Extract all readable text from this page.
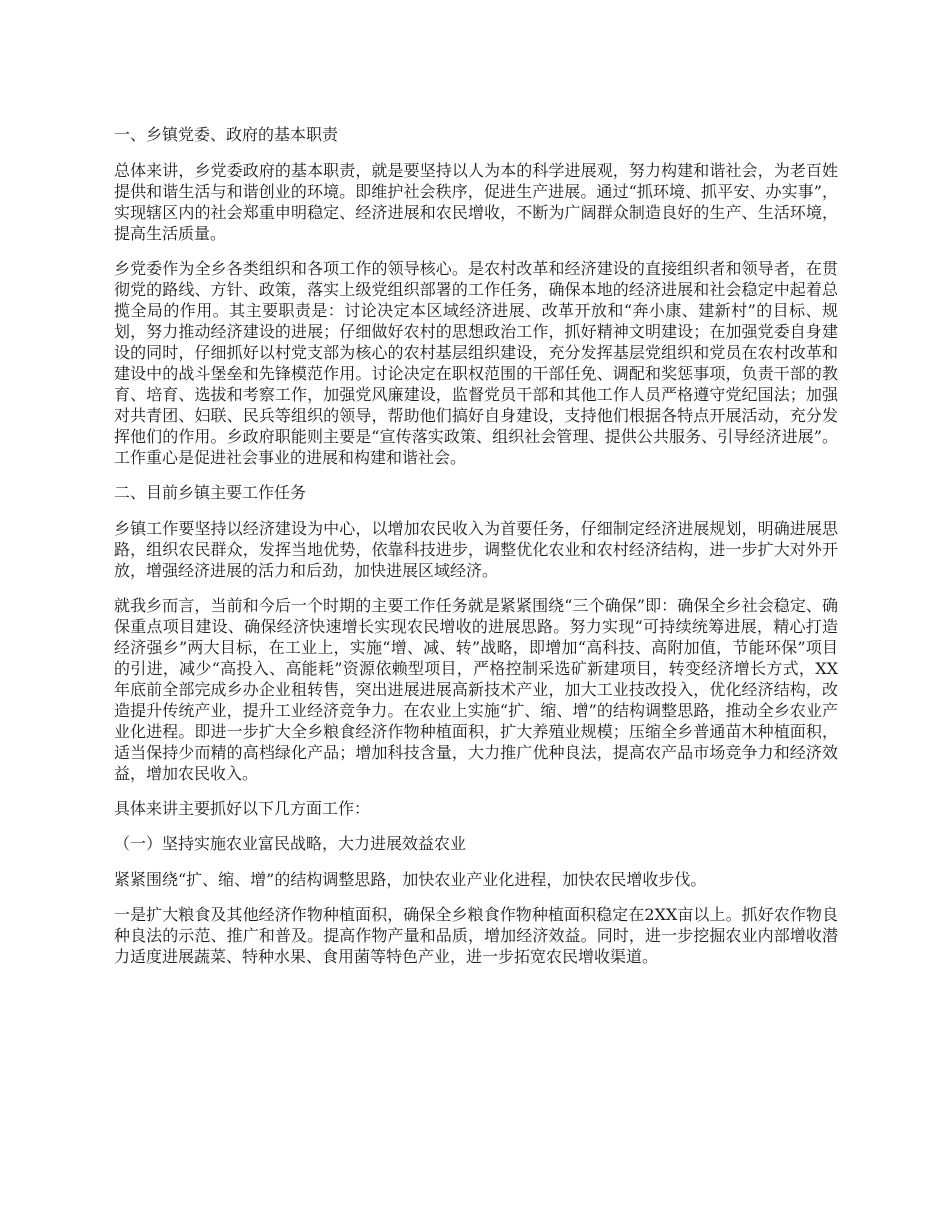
一、乡镇党委、政府的基本职责
总体来讲，乡党委政府的基本职责，就是要坚持以人为本的科学进展观，努力构建和谐社会，为老百姓提供和谐生活与和谐创业的环境。即维护社会秩序，促进生产进展。通过“抓环境、抓平安、办实事”，实现辖区内的社会郑重申明稳定、经济进展和农民增收，不断为广阔群众制造良好的生产、生活环境，提高生活质量。
乡党委作为全乡各类组织和各项工作的领导核心。是农村改革和经济建设的直接组织者和领导者，在贯彻党的路线、方针、政策，落实上级党组织部署的工作任务，确保本地的经济进展和社会稳定中起着总揽全局的作用。其主要职责是：讨论决定本区域经济进展、改革开放和“奔小康、建新村”的目标、规划，努力推动经济建设的进展；仔细做好农村的思想政治工作，抓好精神文明建设；在加强党委自身建设的同时，仔细抓好以村党支部为核心的农村基层组织建设，充分发挥基层党组织和党员在农村改革和建设中的战斗堡垒和先锋模范作用。讨论决定在职权范围的干部任免、调配和奖惩事项，负责干部的教育、培育、选拔和考察工作，加强党风廉建设，监督党员干部和其他工作人员严格遵守党纪国法；加强对共青团、妇联、民兵等组织的领导，帮助他们搞好自身建设，支持他们根据各特点开展活动，充分发挥他们的作用。乡政府职能则主要是“宣传落实政策、组织社会管理、提供公共服务、引导经济进展”。工作重心是促进社会事业的进展和构建和谐社会。
二、目前乡镇主要工作任务
乡镇工作要坚持以经济建设为中心，以增加农民收入为首要任务，仔细制定经济进展规划，明确进展思路，组织农民群众，发挥当地优势，依靠科技进步，调整优化农业和农村经济结构，进一步扩大对外开放，增强经济进展的活力和后劲，加快进展区域经济。
就我乡而言，当前和今后一个时期的主要工作任务就是紧紧围绕“三个确保”即：确保全乡社会稳定、确保重点项目建设、确保经济快速增长实现农民增收的进展思路。努力实现“可持续统筹进展，精心打造经济强乡”两大目标，在工业上，实施“增、减、转”战略，即增加“高科技、高附加值，节能环保”项目的引进，减少“高投入、高能耗”资源依赖型项目，严格控制采选矿新建项目，转变经济增长方式，XX年底前全部完成乡办企业租转售，突出进展进展高新技术产业，加大工业技改投入，优化经济结构，改造提升传统产业，提升工业经济竞争力。在农业上实施“扩、缩、增”的结构调整思路，推动全乡农业产业化进程。即进一步扩大全乡粮食经济作物种植面积，扩大养殖业规模；压缩全乡普通苗木种植面积，适当保持少而精的高档绿化产品；增加科技含量，大力推广优种良法，提高农产品市场竞争力和经济效益，增加农民收入。
具体来讲主要抓好以下几方面工作：
（一）坚持实施农业富民战略，大力进展效益农业
紧紧围绕“扩、缩、增”的结构调整思路，加快农业产业化进程，加快农民增收步伐。
一是扩大粮食及其他经济作物种植面积，确保全乡粮食作物种植面积稳定在2XX亩以上。抓好农作物良种良法的示范、推广和普及。提高作物产量和品质，增加经济效益。同时，进一步挖掘农业内部增收潜力适度进展蔬菜、特种水果、食用菌等特色产业，进一步拓宽农民增收渠道。
